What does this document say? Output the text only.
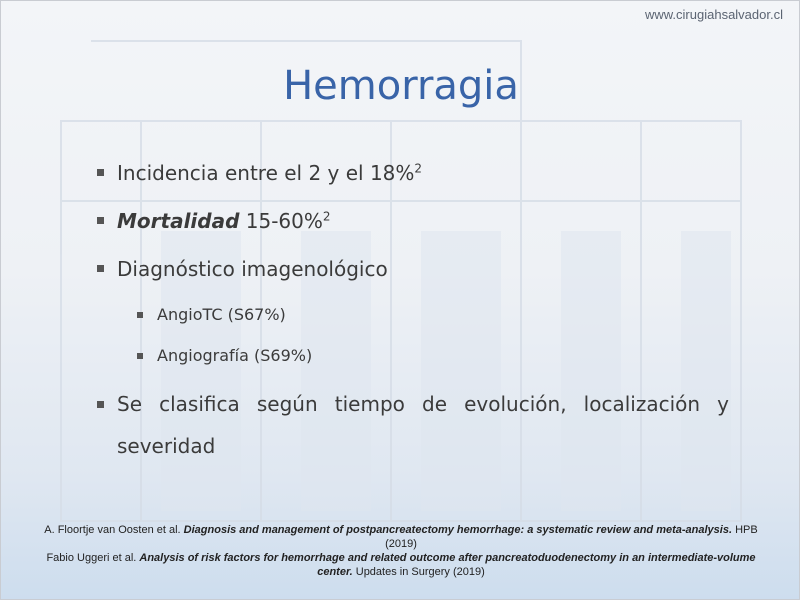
www.cirugiahsalvador.cl
Hemorragia
Incidencia entre el 2 y el 18%$^2$
Mortalidad 15-60%$^2$
Diagnóstico imagenológico
AngioTC (S67%)
Angiografía (S69%)
Se clasifica según tiempo de evolución, localización y
severidad
A. Floortje van Oosten et al. Diagnosis and management of postpancreatectomy hemorrhage: a systematic review and meta-analysis. HPB (2019)
Fabio Uggeri et al. Analysis of risk factors for hemorrhage and related outcome after pancreatoduodenectomy in an intermediate-volume center. Updates in Surgery (2019)
